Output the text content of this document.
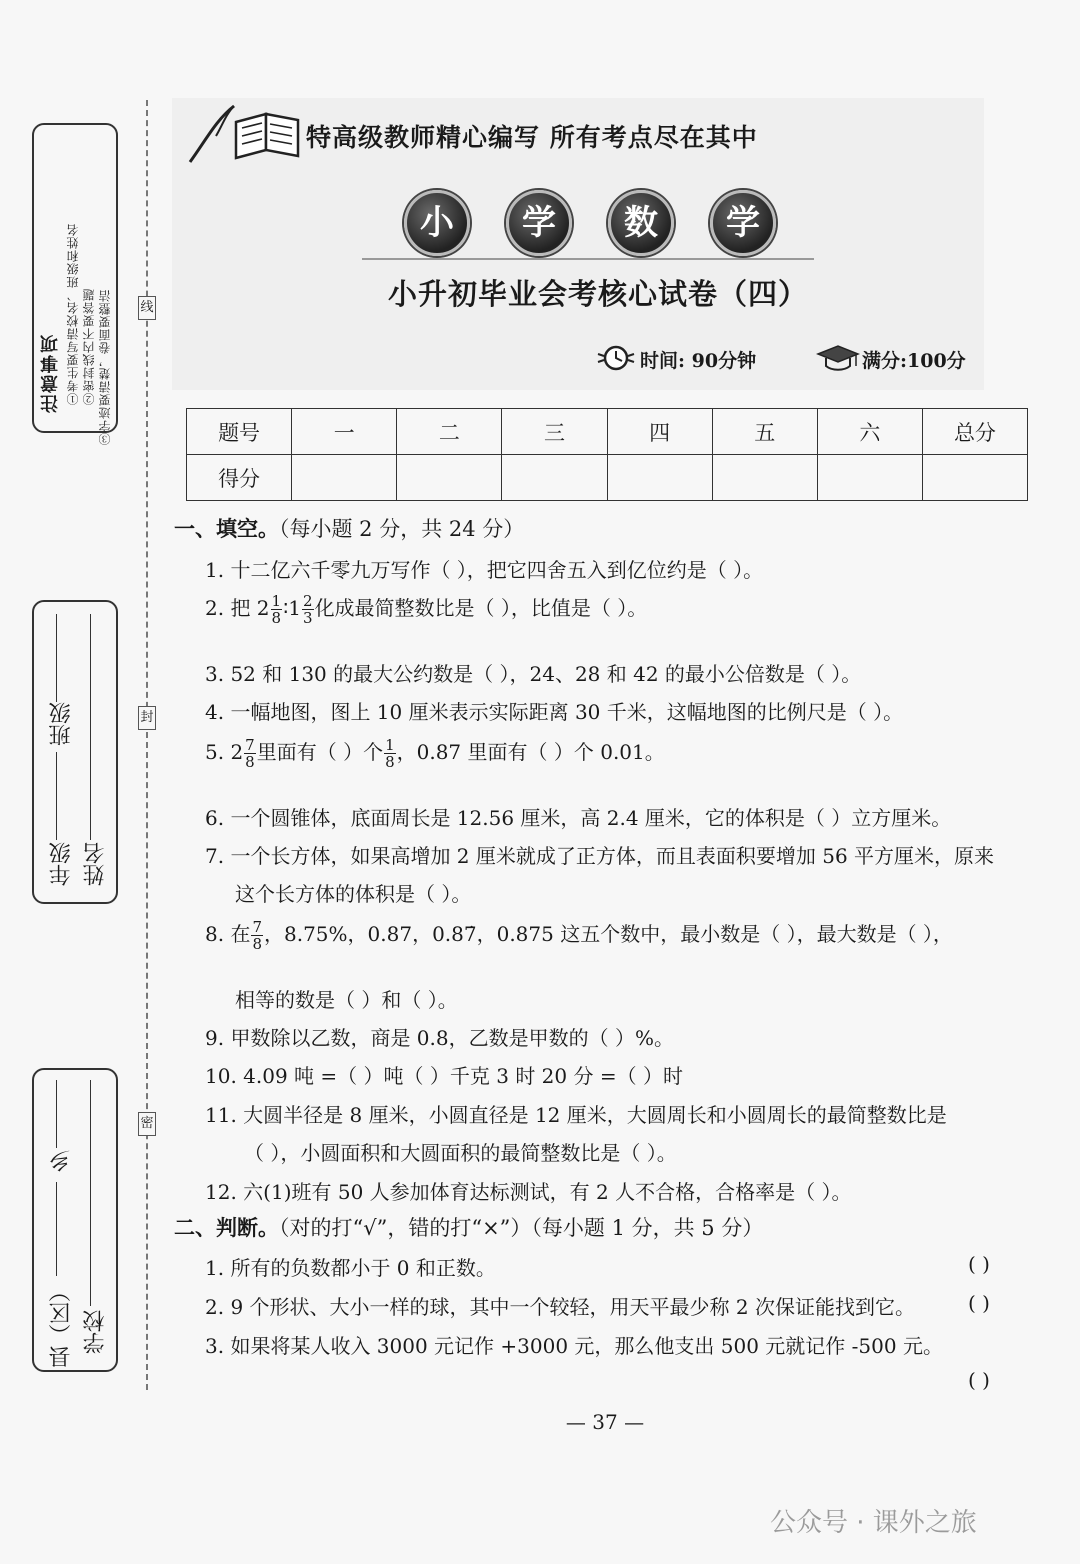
线
封
密
注意事项 ①考生要写清校名、班级和姓名 ②密封线内不要答题 ③字迹要清楚，卷面要整洁
年级
班级
姓名
县（区）
乡
学校
特高级教师精心编写 所有考点尽在其中
小	学	数	学
小升初毕业会考核心试卷（四）
时间: 90分钟	满分:100分
题号	一	二	三	四	五	六	总分
得分							
一、填空。（每小题 2 分，共 24 分）
1. 十二亿六千零九万写作（ ），把它四舍五入到亿位约是（ ）。
2. 把 $2 \frac{1}{8}$ ∶1 $\frac{2}{3}$ 化成最简整数比是（ ），比值是（ ）。
3. 52 和 130 的最大公约数是（ ），24、28 和 42 的最小公倍数是（ ）。
4. 一幅地图，图上 10 厘米表示实际距离 30 千米，这幅地图的比例尺是（ ）。
5. $2 \frac{7}{8}$ 里面有（ ）个 $\frac{1}{8}$ ，0.87 里面有（ ）个 0.01。
6. 一个圆锥体，底面周长是 12.56 厘米，高 2.4 厘米，它的体积是（ ）立方厘米。
7. 一个长方体，如果高增加 2 厘米就成了正方体，而且表面积要增加 56 平方厘米，原来
这个长方体的体积是（ ）。
8. 在 $\frac{7}{8}$ ，8.75%，0.87，0.87̇，0.875 这五个数中，最小数是（ ），最大数是（ ），
相等的数是（ ）和（ ）。
9. 甲数除以乙数，商是 0.8，乙数是甲数的（ ）%。
10. 4.09 吨 =（ ）吨（ ）千克 3 时 20 分 =（ ）时
11. 大圆半径是 8 厘米，小圆直径是 12 厘米，大圆周长和小圆周长的最简整数比是
（ ），小圆面积和大圆面积的最简整数比是（ ）。
12. 六(1)班有 50 人参加体育达标测试，有 2 人不合格，合格率是（ ）。
二、判断。（对的打“√”，错的打“×”）（每小题 1 分，共 5 分）
1. 所有的负数都小于 0 和正数。	( )
2. 9 个形状、大小一样的球，其中一个较轻，用天平最少称 2 次保证能找到它。	( )
3. 如果将某人收入 3000 元记作 +3000 元，那么他支出 500 元就记作 -500 元。
( )
— 37 —
公众号 · 课外之旅
